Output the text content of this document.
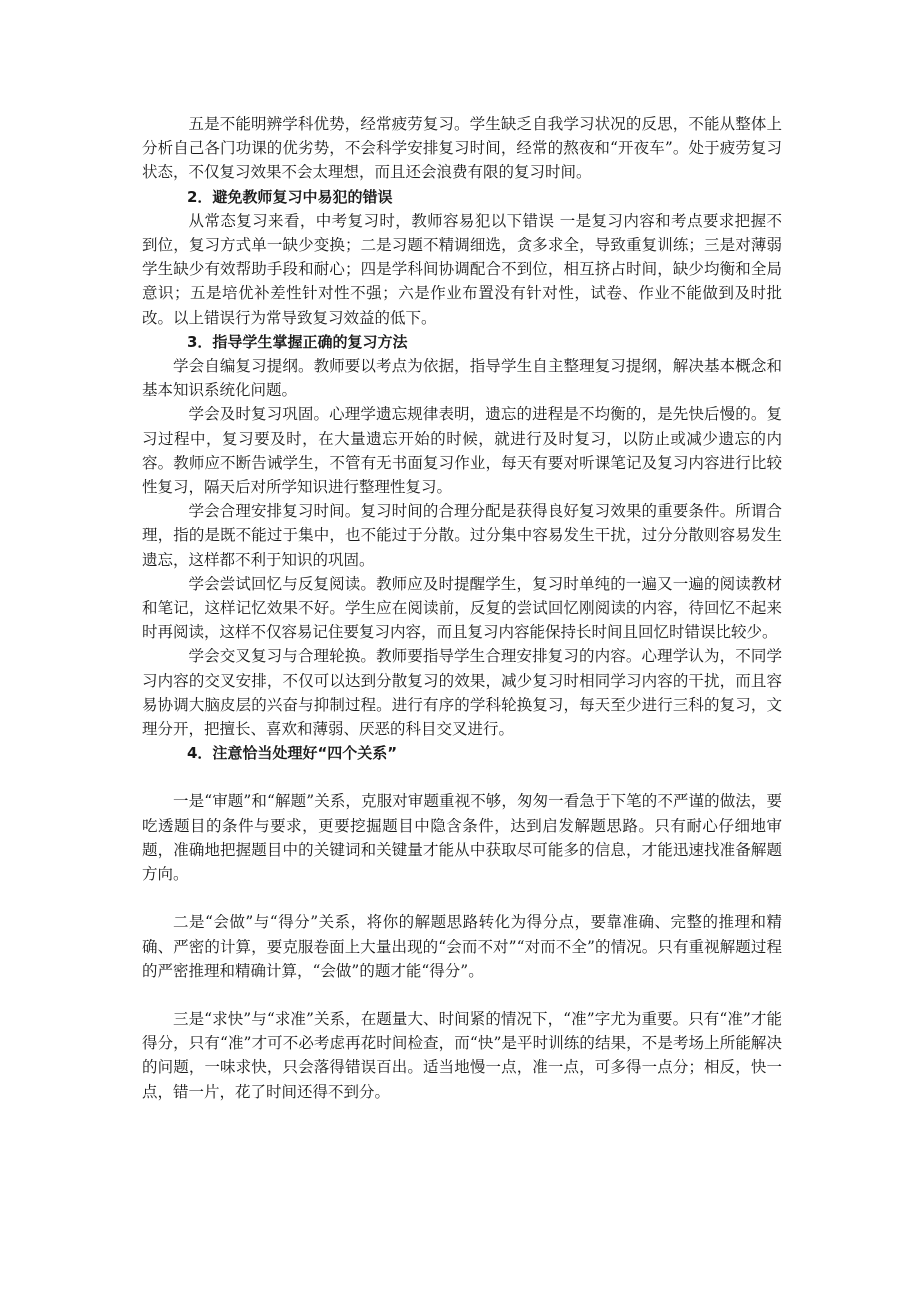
五是不能明辨学科优势，经常疲劳复习。学生缺乏自我学习状况的反思，不能从整体上分析自己各门功课的优劣势，不会科学安排复习时间，经常的熬夜和“开夜车”。处于疲劳复习状态，不仅复习效果不会太理想，而且还会浪费有限的复习时间。

2．避免教师复习中易犯的错误

从常态复习来看，中考复习时，教师容易犯以下错误 一是复习内容和考点要求把握不到位，复习方式单一缺少变换；二是习题不精调细选，贪多求全，导致重复训练；三是对薄弱学生缺少有效帮助手段和耐心；四是学科间协调配合不到位，相互挤占时间，缺少均衡和全局意识；五是培优补差性针对性不强；六是作业布置没有针对性，试卷、作业不能做到及时批改。以上错误行为常导致复习效益的低下。

3．指导学生掌握正确的复习方法

学会自编复习提纲。教师要以考点为依据，指导学生自主整理复习提纲，解决基本概念和基本知识系统化问题。

学会及时复习巩固。心理学遗忘规律表明，遗忘的进程是不均衡的，是先快后慢的。复习过程中，复习要及时，在大量遗忘开始的时候，就进行及时复习，以防止或减少遗忘的内容。教师应不断告诫学生，不管有无书面复习作业，每天有要对听课笔记及复习内容进行比较性复习，隔天后对所学知识进行整理性复习。

学会合理安排复习时间。复习时间的合理分配是获得良好复习效果的重要条件。所谓合理，指的是既不能过于集中，也不能过于分散。过分集中容易发生干扰，过分分散则容易发生遗忘，这样都不利于知识的巩固。

学会尝试回忆与反复阅读。教师应及时提醒学生，复习时单纯的一遍又一遍的阅读教材和笔记，这样记忆效果不好。学生应在阅读前，反复的尝试回忆刚阅读的内容，待回忆不起来时再阅读，这样不仅容易记住要复习内容，而且复习内容能保持长时间且回忆时错误比较少。

学会交叉复习与合理轮换。教师要指导学生合理安排复习的内容。心理学认为，不同学习内容的交叉安排，不仅可以达到分散复习的效果，减少复习时相同学习内容的干扰，而且容易协调大脑皮层的兴奋与抑制过程。进行有序的学科轮换复习，每天至少进行三科的复习，文理分开，把擅长、喜欢和薄弱、厌恶的科目交叉进行。

4．注意恰当处理好“四个关系”

一是“审题”和“解题”关系，克服对审题重视不够，匆匆一看急于下笔的不严谨的做法，要吃透题目的条件与要求，更要挖掘题目中隐含条件，达到启发解题思路。只有耐心仔细地审题，准确地把握题目中的关键词和关键量才能从中获取尽可能多的信息，才能迅速找准备解题方向。

二是“会做”与“得分”关系，将你的解题思路转化为得分点，要靠准确、完整的推理和精确、严密的计算，要克服卷面上大量出现的“会而不对”“对而不全”的情况。只有重视解题过程的严密推理和精确计算，“会做”的题才能“得分”。

三是“求快”与“求准”关系，在题量大、时间紧的情况下，“准”字尤为重要。只有“准”才能得分，只有“准”才可不必考虑再花时间检查，而“快”是平时训练的结果，不是考场上所能解决的问题，一味求快，只会落得错误百出。适当地慢一点，准一点，可多得一点分；相反，快一点，错一片，花了时间还得不到分。
